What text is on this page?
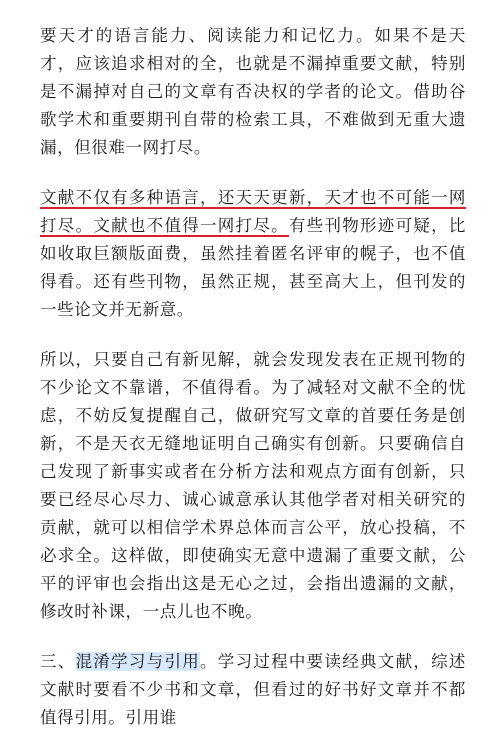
要天才的语言能力、阅读能力和记忆力。如果不是天才，应该追求相对的全，也就是不漏掉重要文献，特别是不漏掉对自己的文章有否决权的学者的论文。借助谷歌学术和重要期刊自带的检索工具，不难做到无重大遗漏，但很难一网打尽。

文献不仅有多种语言，还天天更新，天才也不可能一网打尽。文献也不值得一网打尽。有些刊物形迹可疑，比如收取巨额版面费，虽然挂着匿名评审的幌子，也不值得看。还有些刊物，虽然正规，甚至高大上，但刊发的一些论文并无新意。

所以，只要自己有新见解，就会发现发表在正规刊物的不少论文不靠谱，不值得看。为了减轻对文献不全的忧虑，不妨反复提醒自己，做研究写文章的首要任务是创新，不是天衣无缝地证明自己确实有创新。只要确信自己发现了新事实或者在分析方法和观点方面有创新，只要已经尽心尽力、诚心诚意承认其他学者对相关研究的贡献，就可以相信学术界总体而言公平，放心投稿，不必求全。这样做，即使确实无意中遗漏了重要文献，公平的评审也会指出这是无心之过，会指出遗漏的文献，修改时补课，一点儿也不晚。

三、混淆学习与引用。学习过程中要读经典文献，综述文献时要看不少书和文章，但看过的好书好文章并不都值得引用。引用谁
